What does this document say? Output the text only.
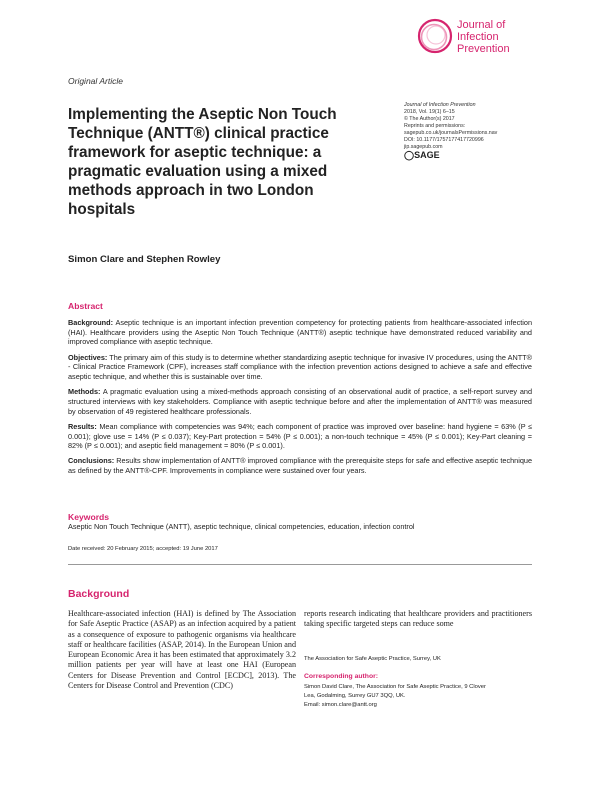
Journal of
Infection
Prevention
Original Article
Implementing the Aseptic Non Touch Technique (ANTT®) clinical practice framework for aseptic technique: a pragmatic evaluation using a mixed methods approach in two London hospitals
Journal of Infection Prevention
2018, Vol. 19(1) 6–15
© The Author(s) 2017
Reprints and permissions:
sagepub.co.uk/journalsPermissions.nav
DOI: 10.1177/1757177417720996
jip.sagepub.com
◯SAGE
Simon Clare and Stephen Rowley
Abstract

Background: Aseptic technique is an important infection prevention competency for protecting patients from healthcare-associated infection (HAI). Healthcare providers using the Aseptic Non Touch Technique (ANTT®) aseptic technique have demonstrated reduced variability and improved compliance with aseptic technique.

Objectives: The primary aim of this study is to determine whether standardizing aseptic technique for invasive IV procedures, using the ANTT® - Clinical Practice Framework (CPF), increases staff compliance with the infection prevention actions designed to achieve a safe and effective aseptic technique, and whether this is sustainable over time.

Methods: A pragmatic evaluation using a mixed-methods approach consisting of an observational audit of practice, a self-report survey and structured interviews with key stakeholders. Compliance with aseptic technique before and after the implementation of ANTT® was measured by observation of 49 registered healthcare professionals.

Results: Mean compliance with competencies was 94%; each component of practice was improved over baseline: hand hygiene = 63% (P ≤ 0.001); glove use = 14% (P ≤ 0.037); Key-Part protection = 54% (P ≤ 0.001); a non-touch technique = 45% (P ≤ 0.001); Key-Part cleaning = 82% (P ≤ 0.001); and aseptic field management = 80% (P ≤ 0.001).

Conclusions: Results show implementation of ANTT® improved compliance with the prerequisite steps for safe and effective aseptic technique as defined by the ANTT®-CPF. Improvements in compliance were sustained over four years.

Keywords
Aseptic Non Touch Technique (ANTT), aseptic technique, clinical competencies, education, infection control
Date received: 20 February 2015; accepted: 19 June 2017
Background
Healthcare-associated infection (HAI) is defined by The Association for Safe Aseptic Practice (ASAP) as an infection acquired by a patient as a consequence of exposure to pathogenic organisms via healthcare staff or healthcare facilities (ASAP, 2014). In the European Union and European Economic Area it has been estimated that approximately 3.2 million patients per year will have at least one HAI (European Centers for Disease Prevention and Control [ECDC], 2013). The Centers for Disease Control and Prevention (CDC)
reports research indicating that healthcare providers and practitioners taking specific targeted steps can reduce some
The Association for Safe Aseptic Practice, Surrey, UK
Corresponding author:
Simon David Clare, The Association for Safe Aseptic Practice, 9 Clover
Lea, Godalming, Surrey GU7 3QQ, UK.
Email: simon.clare@antt.org
